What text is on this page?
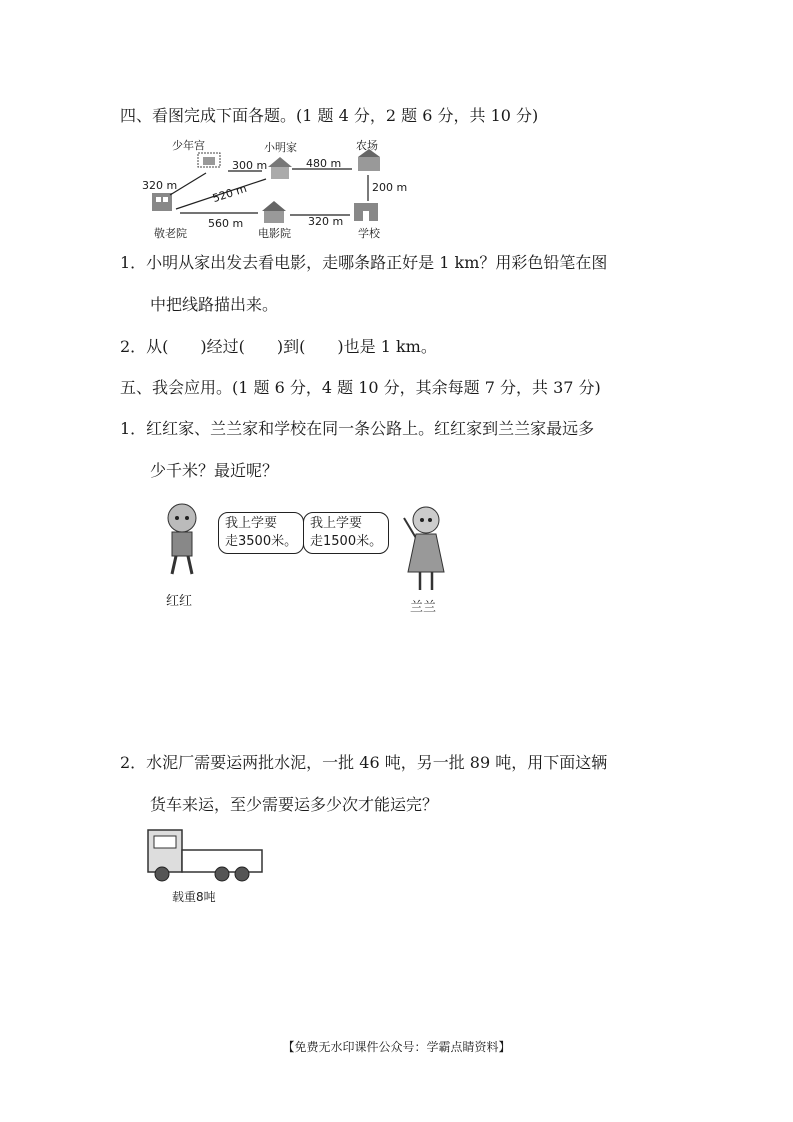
四、看图完成下面各题。(1 题 4 分，2 题 6 分，共 10 分)
少年宫	小明家	农场
敬老院	电影院	学校
300 m	480 m
320 m	520 m
560 m
200 m
320 m
1．小明从家出发去看电影，走哪条路正好是 1 km？用彩色铅笔在图
中把线路描出来。
2．从(　　)经过(　　)到(　　)也是 1 km。
五、我会应用。(1 题 6 分，4 题 10 分，其余每题 7 分，共 37 分)
1．红红家、兰兰家和学校在同一条公路上。红红家到兰兰家最远多
少千米？最近呢？
红红
我上学要
走3500米。
我上学要
走1500米。
兰兰
2．水泥厂需要运两批水泥，一批 46 吨，另一批 89 吨，用下面这辆
货车来运，至少需要运多少次才能运完？
载重8吨
【免费无水印课件公众号：学霸点睛资料】
